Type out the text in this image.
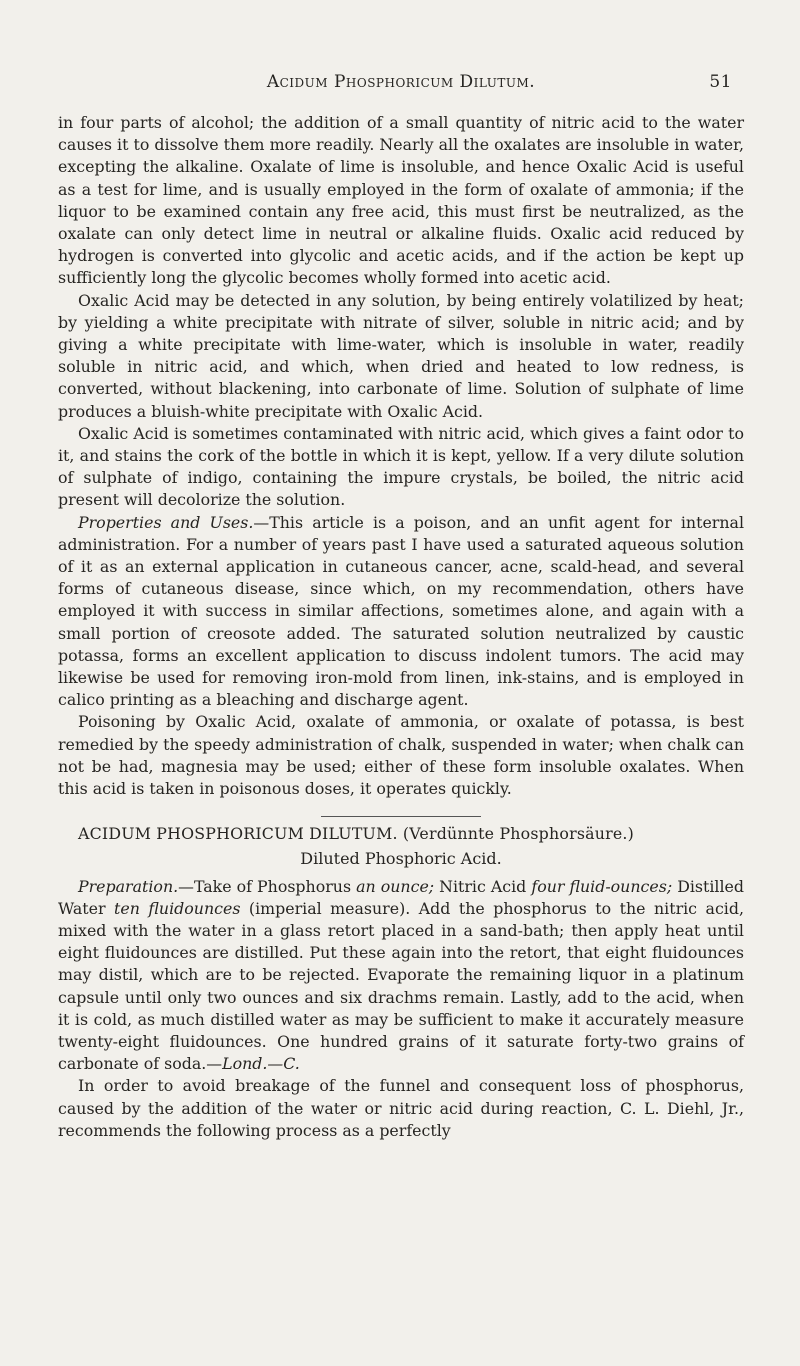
Acidum Phosphoricum Dilutum.	51

in four parts of alcohol; the addition of a small quantity of nitric acid to the water causes it to dissolve them more readily. Nearly all the oxalates are insoluble in water, excepting the alkaline. Oxalate of lime is insoluble, and hence Oxalic Acid is useful as a test for lime, and is usually employed in the form of oxalate of ammonia; if the liquor to be examined contain any free acid, this must first be neutralized, as the oxalate can only detect lime in neutral or alkaline fluids. Oxalic acid reduced by hydrogen is converted into glycolic and acetic acids, and if the action be kept up sufficiently long the glycolic becomes wholly formed into acetic acid.

Oxalic Acid may be detected in any solution, by being entirely volatilized by heat; by yielding a white precipitate with nitrate of silver, soluble in nitric acid; and by giving a white precipitate with lime-water, which is insoluble in water, readily soluble in nitric acid, and which, when dried and heated to low redness, is converted, without blackening, into carbonate of lime. Solution of sulphate of lime produces a bluish-white precipitate with Oxalic Acid.

Oxalic Acid is sometimes contaminated with nitric acid, which gives a faint odor to it, and stains the cork of the bottle in which it is kept, yellow. If a very dilute solution of sulphate of indigo, containing the impure crystals, be boiled, the nitric acid present will decolorize the solution.

Properties and Uses.—This article is a poison, and an unfit agent for internal administration. For a number of years past I have used a saturated aqueous solution of it as an external application in cutaneous cancer, acne, scald-head, and several forms of cutaneous disease, since which, on my recommendation, others have employed it with success in similar affections, sometimes alone, and again with a small portion of creosote added. The saturated solution neutralized by caustic potassa, forms an excellent application to discuss indolent tumors. The acid may likewise be used for removing iron-mold from linen, ink-stains, and is employed in calico printing as a bleaching and discharge agent.

Poisoning by Oxalic Acid, oxalate of ammonia, or oxalate of potassa, is best remedied by the speedy administration of chalk, suspended in water; when chalk can not be had, magnesia may be used; either of these form insoluble oxalates. When this acid is taken in poisonous doses, it operates quickly.

ACIDUM PHOSPHORICUM DILUTUM. (Verdünnte Phosphorsäure.)

Diluted Phosphoric Acid.

Preparation.—Take of Phosphorus an ounce; Nitric Acid four fluid-ounces; Distilled Water ten fluidounces (imperial measure). Add the phosphorus to the nitric acid, mixed with the water in a glass retort placed in a sand-bath; then apply heat until eight fluidounces are distilled. Put these again into the retort, that eight fluidounces may distil, which are to be rejected. Evaporate the remaining liquor in a platinum capsule until only two ounces and six drachms remain. Lastly, add to the acid, when it is cold, as much distilled water as may be sufficient to make it accurately measure twenty-eight fluidounces. One hundred grains of it saturate forty-two grains of carbonate of soda.—Lond.—C.

In order to avoid breakage of the funnel and consequent loss of phosphorus, caused by the addition of the water or nitric acid during reaction, C. L. Diehl, Jr., recommends the following process as a perfectly
